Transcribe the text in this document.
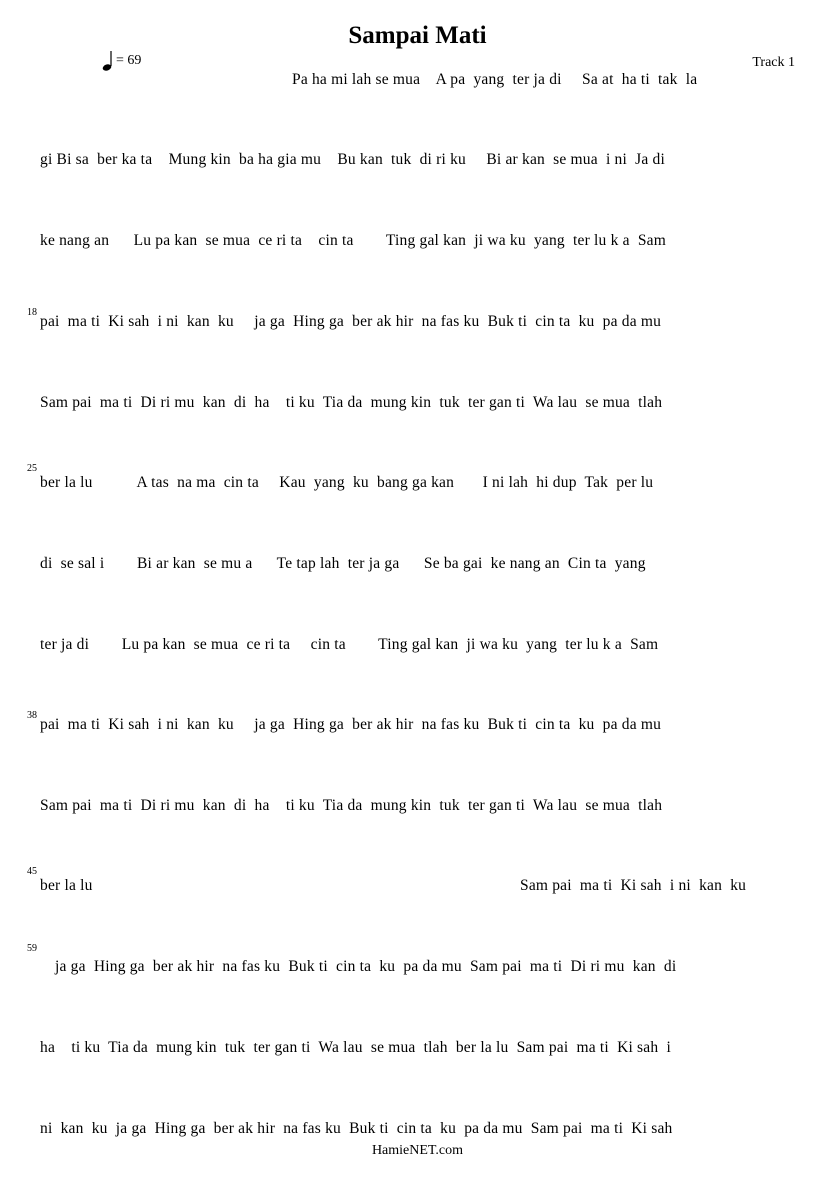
Sampai Mati
= 69	Track 1
Pa ha mi lah se mua    A pa  yang  ter ja di     Sa at  ha ti  tak  la
gi Bi sa  ber ka ta    Mung kin  ba ha gia mu    Bu kan  tuk  di ri ku     Bi ar kan  se mua  i ni  Ja di
ke nang an      Lu pa kan  se mua  ce ri ta    cin ta        Ting gal kan  ji wa ku  yang  ter lu k a  Sam
18
pai  ma ti  Ki sah  i ni  kan  ku     ja ga  Hing ga  ber ak hir  na fas ku  Buk ti  cin ta  ku  pa da mu
Sam pai  ma ti  Di ri mu  kan  di  ha    ti ku  Tia da  mung kin  tuk  ter gan ti  Wa lau  se mua  tlah
25
ber la lu           A tas  na ma  cin ta     Kau  yang  ku  bang ga kan       I ni lah  hi dup  Tak  per lu
di  se sal i        Bi ar kan  se mu a      Te tap lah  ter ja ga      Se ba gai  ke nang an  Cin ta  yang
ter ja di        Lu pa kan  se mua  ce ri ta     cin ta        Ting gal kan  ji wa ku  yang  ter lu k a  Sam
38
pai  ma ti  Ki sah  i ni  kan  ku     ja ga  Hing ga  ber ak hir  na fas ku  Buk ti  cin ta  ku  pa da mu
Sam pai  ma ti  Di ri mu  kan  di  ha    ti ku  Tia da  mung kin  tuk  ter gan ti  Wa lau  se mua  tlah
45
ber la lu	Sam pai  ma ti  Ki sah  i ni  kan  ku
59
ja ga  Hing ga  ber ak hir  na fas ku  Buk ti  cin ta  ku  pa da mu  Sam pai  ma ti  Di ri mu  kan  di
ha    ti ku  Tia da  mung kin  tuk  ter gan ti  Wa lau  se mua  tlah  ber la lu  Sam pai  ma ti  Ki sah  i
ni  kan  ku  ja ga  Hing ga  ber ak hir  na fas ku  Buk ti  cin ta  ku  pa da mu  Sam pai  ma ti  Ki sah
HamieNET.com
